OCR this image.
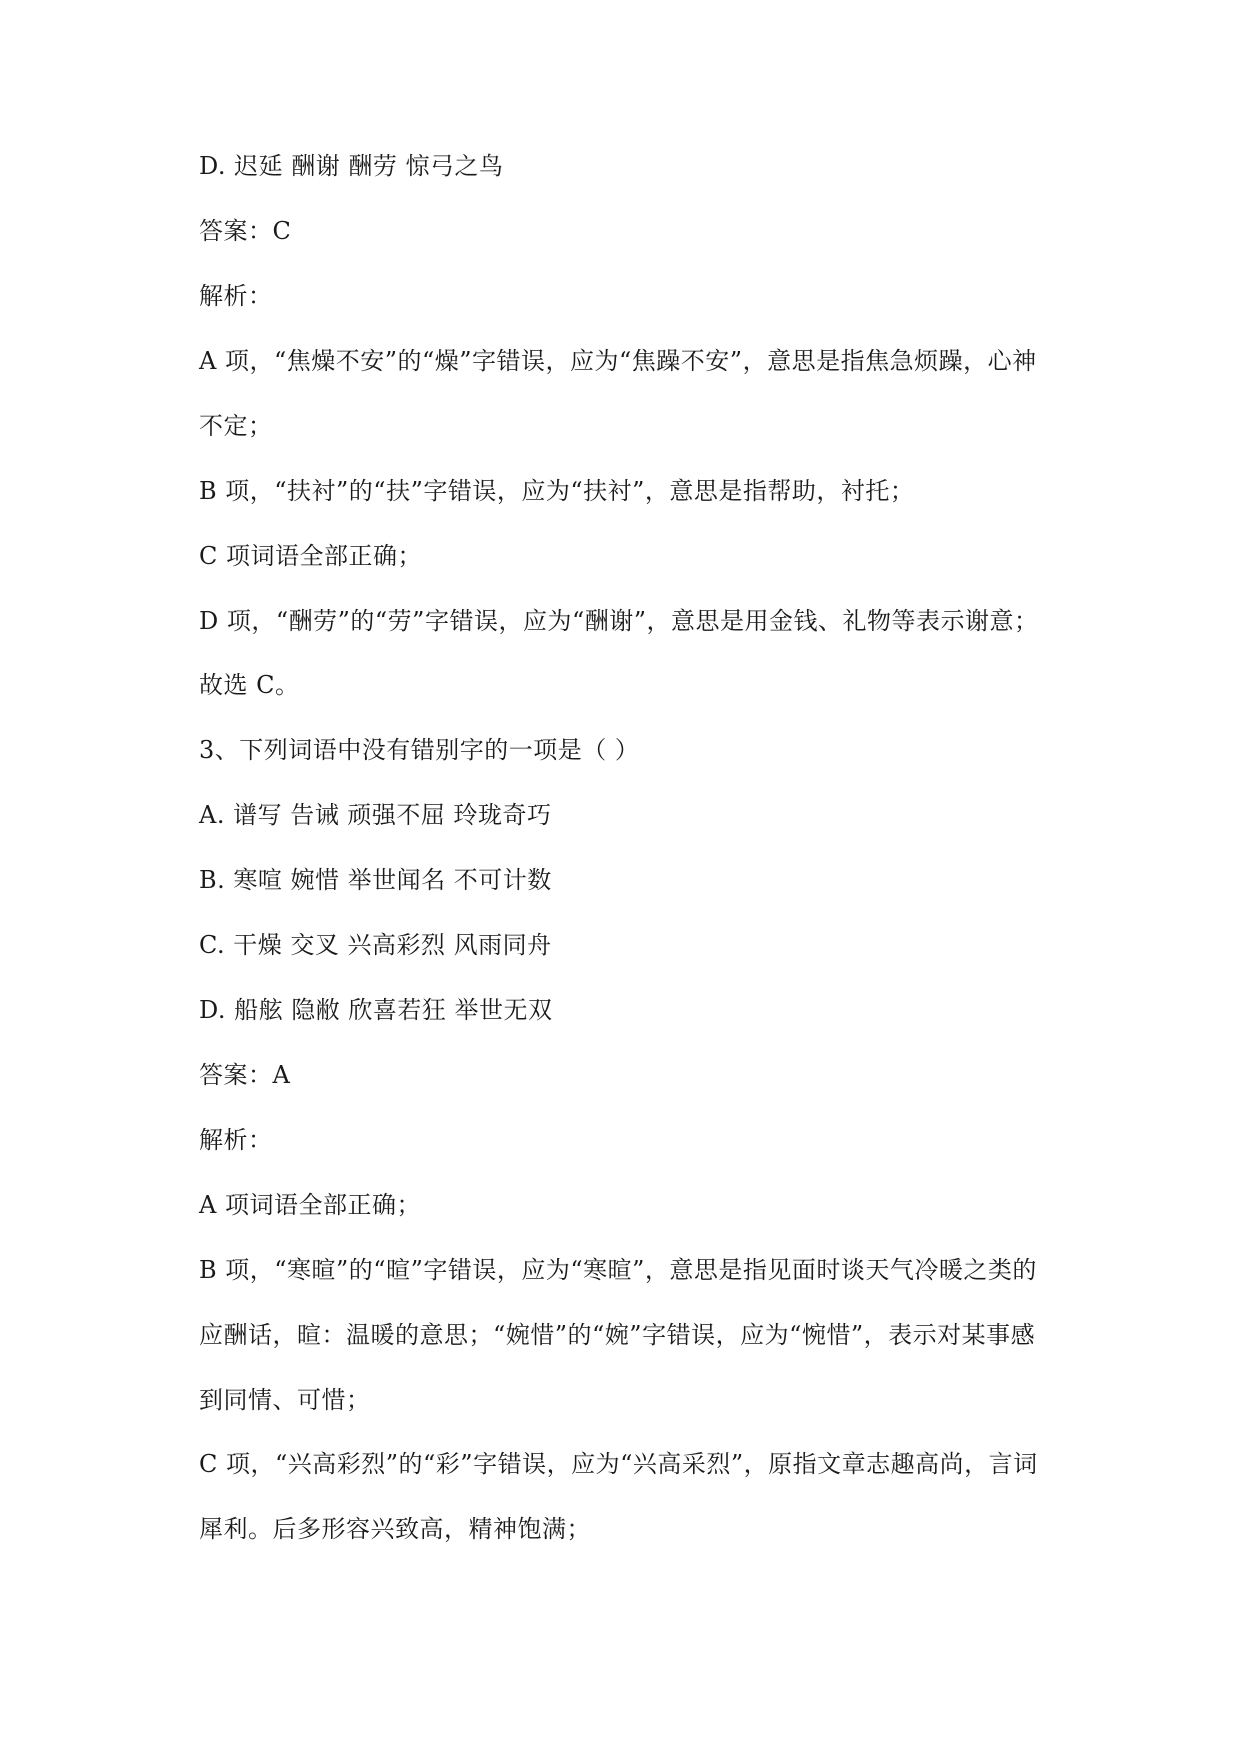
D. 迟延 酬谢 酬劳 惊弓之鸟
答案：C
解析：
A 项，“焦燥不安”的“燥”字错误，应为“焦躁不安”，意思是指焦急烦躁，心神
不定；
B 项，“扶衬”的“扶”字错误，应为“扶衬”，意思是指帮助，衬托；
C 项词语全部正确；
D 项，“酬劳”的“劳”字错误，应为“酬谢”，意思是用金钱、礼物等表示谢意；
故选 C。
3、下列词语中没有错别字的一项是（ ）
A. 谱写 告诫 顽强不屈 玲珑奇巧
B. 寒喧 婉惜 举世闻名 不可计数
C. 干燥 交叉 兴高彩烈 风雨同舟
D. 船舷 隐敝 欣喜若狂 举世无双
答案：A
解析：
A 项词语全部正确；
B 项，“寒暄”的“暄”字错误，应为“寒暄”，意思是指见面时谈天气冷暖之类的
应酬话，暄：温暖的意思；“婉惜”的“婉”字错误，应为“惋惜”，表示对某事感
到同情、可惜；
C 项，“兴高彩烈”的“彩”字错误，应为“兴高采烈”，原指文章志趣高尚，言词
犀利。后多形容兴致高，精神饱满；
